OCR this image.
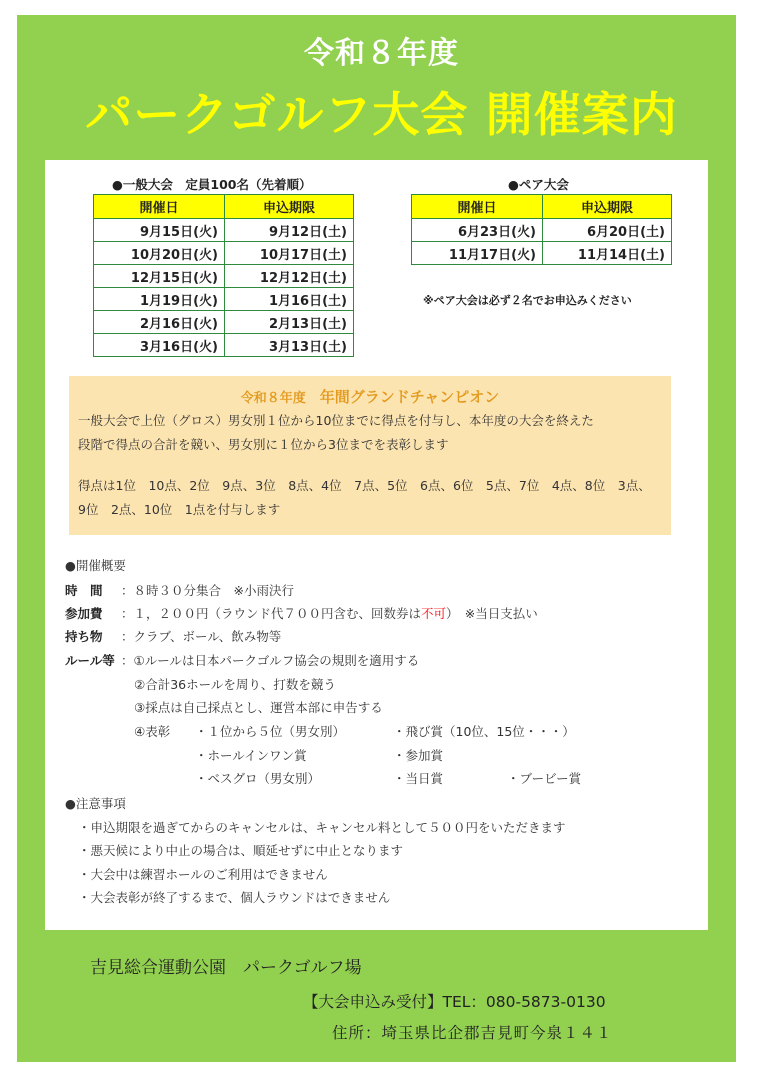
令和８年度
パークゴルフ大会 開催案内
●一般大会　定員100名（先着順）
開催日	申込期限
9月15日(火)	9月12日(土)
10月20日(火)	10月17日(土)
12月15日(火)	12月12日(土)
1月19日(火)	1月16日(土)
2月16日(火)	2月13日(土)
3月16日(火)	3月13日(土)
●ペア大会
開催日	申込期限
6月23日(火)	6月20日(土)
11月17日(火)	11月14日(土)
※ペア大会は必ず２名でお申込みください
令和８年度 年間グランドチャンピオン

一般大会で上位（グロス）男女別１位から10位までに得点を付与し、本年度の大会を終えた

段階で得点の合計を競い、男女別に１位から3位までを表彰します

得点は1位　10点、2位　9点、3位　8点、4位　7点、5位　6点、6位　5点、7位　4点、8位　3点、

9位　2点、10位　1点を付与します

●開催概要
時　間 ：８時３０分集合　※小雨決行
参加費 ：１，２００円（ラウンド代７００円含む、回数券は不可）　※当日支払い
持ち物 ：クラブ、ボール、飲み物等
ルール等 ：①ルールは日本パークゴルフ協会の規則を適用する
②合計36ホールを周り、打数を競う
③採点は自己採点とし、運営本部に申告する
④表彰 ・１位から５位（男女別）	・飛び賞（10位、15位・・・）
・ホールインワン賞	・参加賞
・ベスグロ（男女別）	・当日賞	・ブービー賞
●注意事項
・申込期限を過ぎてからのキャンセルは、キャンセル料として５００円をいただきます
・悪天候により中止の場合は、順延せずに中止となります
・大会中は練習ホールのご利用はできません
・大会表彰が終了するまで、個人ラウンドはできません
吉見総合運動公園　パークゴルフ場
【大会申込み受付】TEL：080-5873-0130
住所：埼玉県比企郡吉見町今泉１４１
